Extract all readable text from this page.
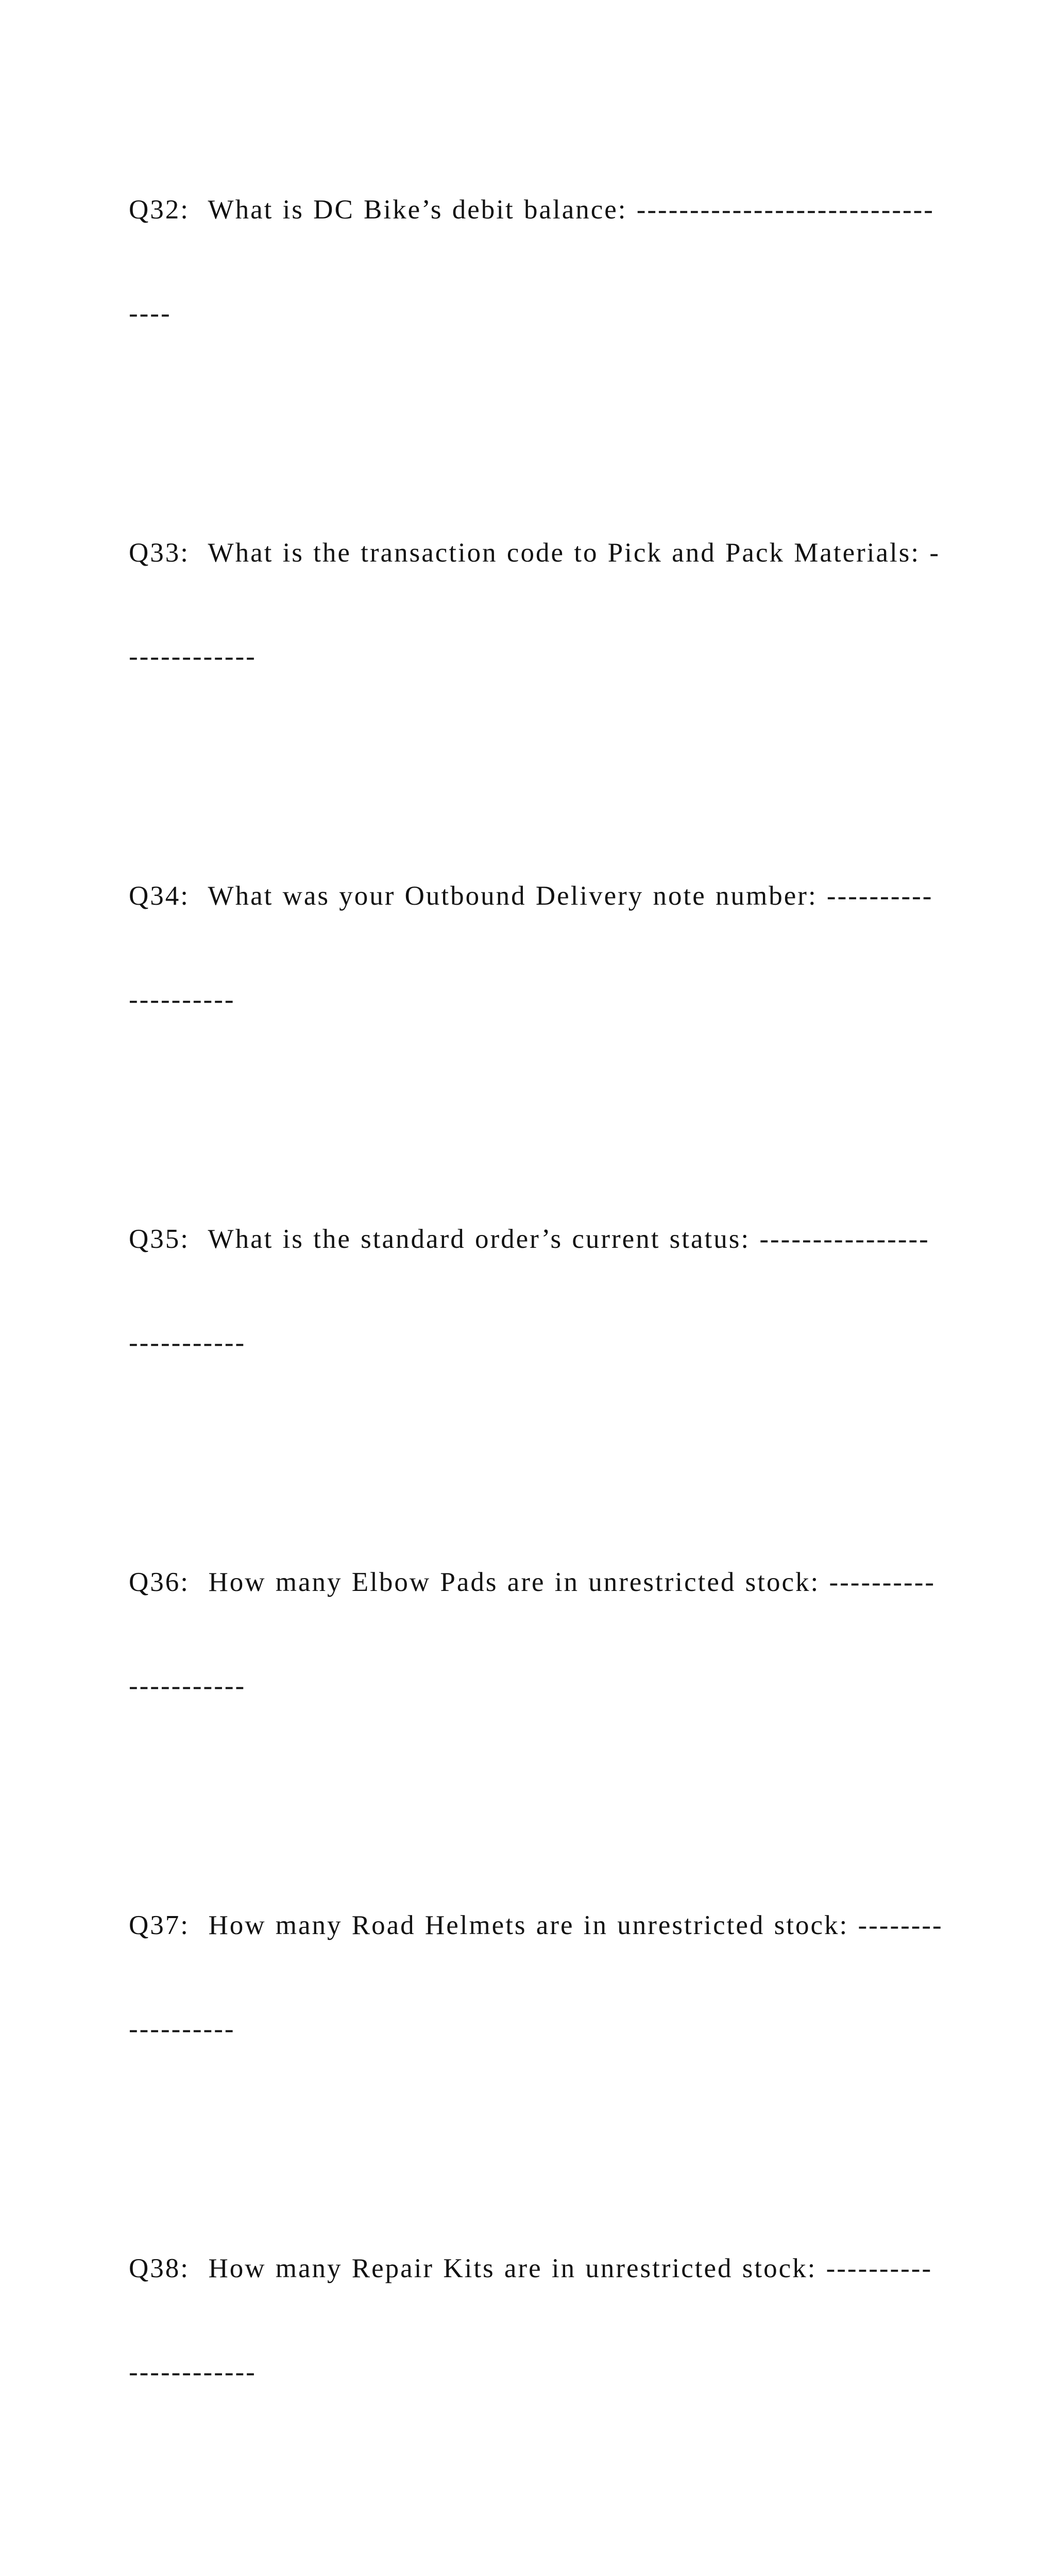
Q32:  What is DC Bike’s debit balance: ----------------------------

----

Q33:  What is the transaction code to Pick and Pack Materials: -

------------

Q34:  What was your Outbound Delivery note number: ----------

----------

Q35:  What is the standard order’s current status: ----------------

-----------

Q36:  How many Elbow Pads are in unrestricted stock: ----------

-----------

Q37:  How many Road Helmets are in unrestricted stock: --------

----------

Q38:  How many Repair Kits are in unrestricted stock: ----------

------------
